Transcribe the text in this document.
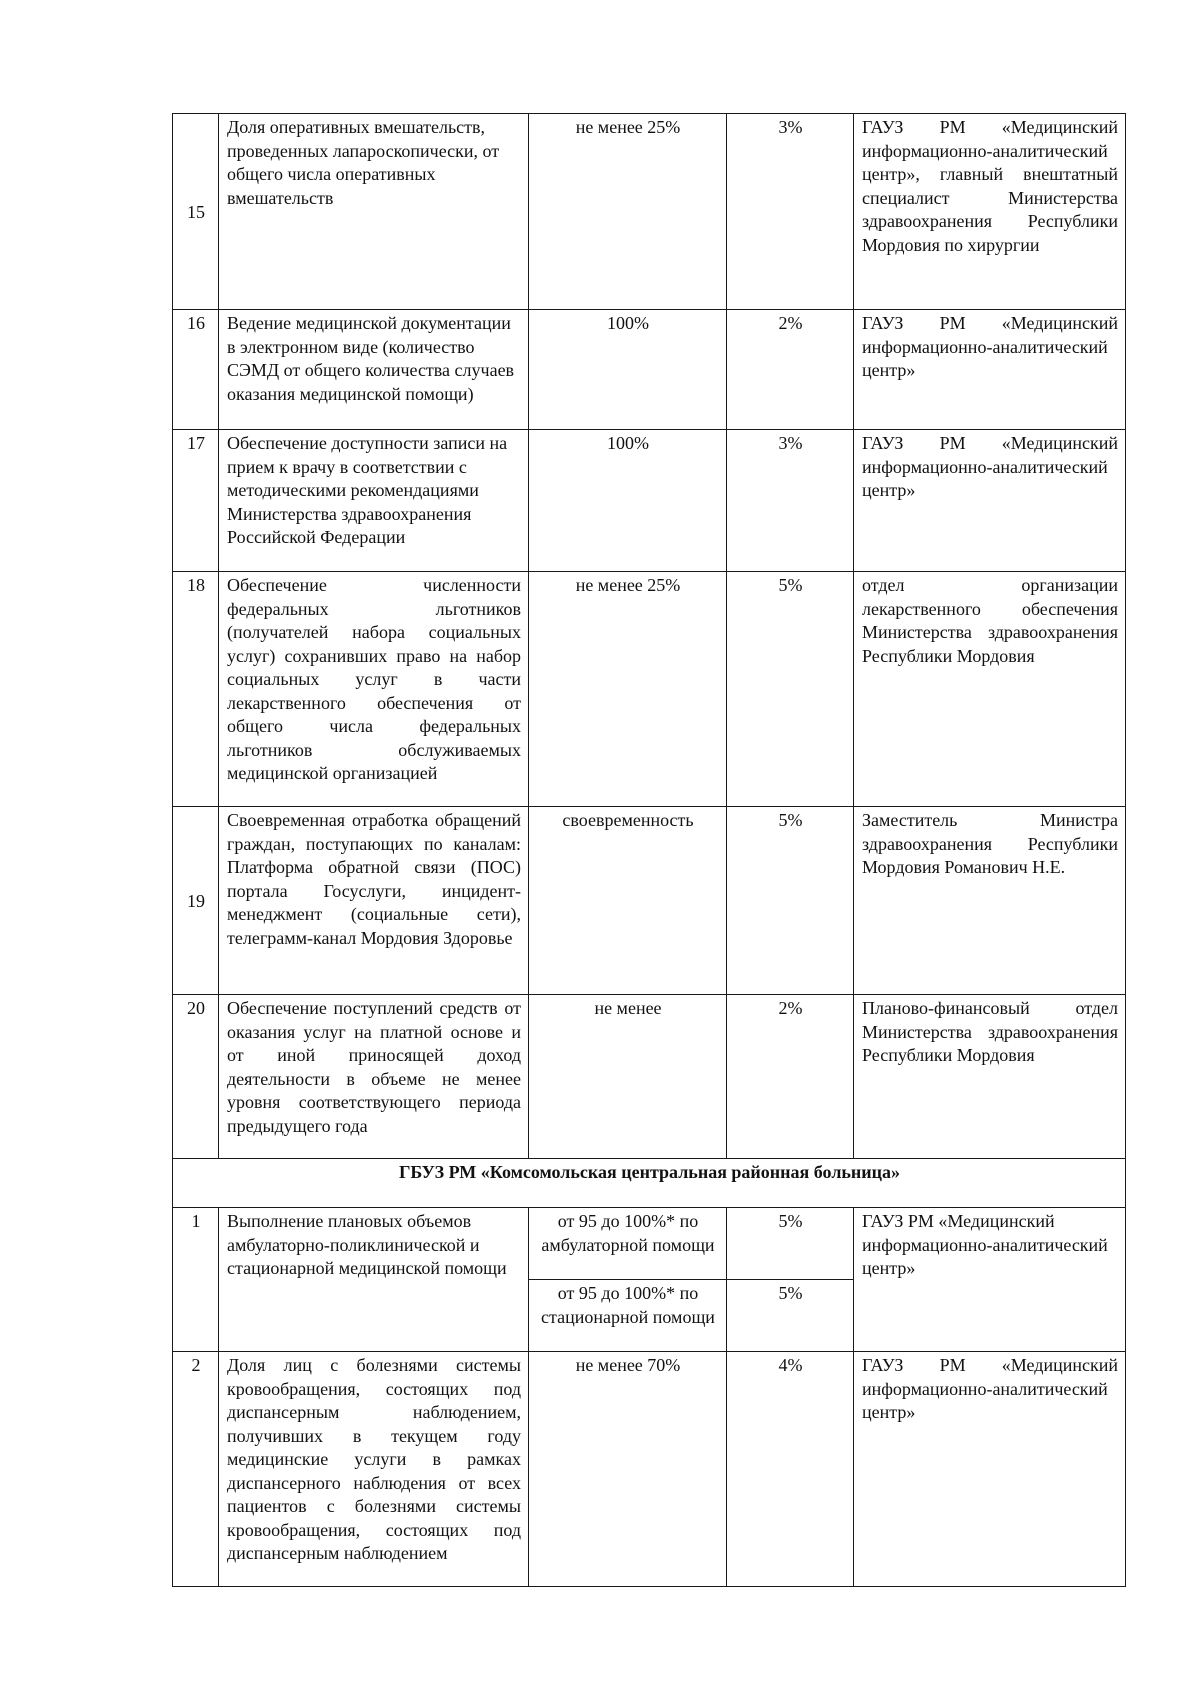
15	Доля оперативных вмешательств, проведенных лапароскопически, от общего числа оперативных вмешательств	не менее 25%	3%	ГАУЗ РМ «Медицинский информационно-аналитический центр», главный внештатный специалист Министерства здравоохранения Республики Мордовия по хирургии
16	Ведение медицинской документации в электронном виде (количество СЭМД от общего количества случаев оказания медицинской помощи)	100%	2%	ГАУЗ РМ «Медицинский информационно-аналитический центр»
17	Обеспечение доступности записи на прием к врачу в соответствии с методическими рекомендациями Министерства здравоохранения Российской Федерации	100%	3%	ГАУЗ РМ «Медицинский информационно-аналитический центр»
18	Обеспечение численности федеральных льготников (получателей набора социальных услуг) сохранивших право на набор социальных услуг в части лекарственного обеспечения от общего числа федеральных льготников обслуживаемых медицинской организацией	не менее 25%	5%	отдел организации лекарственного обеспечения Министерства здравоохранения Республики Мордовия
19	Своевременная отработка обращений граждан, поступающих по каналам: Платформа обратной связи (ПОС) портала Госуслуги, инцидент-менеджмент (социальные сети), телеграмм-канал Мордовия Здоровье	своевременность	5%	Заместитель Министра здравоохранения Республики Мордовия Романович Н.Е.
20	Обеспечение поступлений средств от оказания услуг на платной основе и от иной приносящей доход деятельности в объеме не менее уровня соответствующего периода предыдущего года	не менее	2%	Планово-финансовый отдел Министерства здравоохранения Республики Мордовия
ГБУЗ РМ «Комсомольская центральная районная больница»				
1	Выполнение плановых объемов амбулаторно-поликлинической и стационарной медицинской помощи	от 95 до 100%* по амбулаторной помощи	5%	ГАУЗ РМ «Медицинский информационно-аналитический центр»
		от 95 до 100%* по стационарной помощи	5%	
2	Доля лиц с болезнями системы кровообращения, состоящих под диспансерным наблюдением, получивших в текущем году медицинские услуги в рамках диспансерного наблюдения от всех пациентов с болезнями системы кровообращения, состоящих под диспансерным наблюдением	не менее 70%	4%	ГАУЗ РМ «Медицинский информационно-аналитический центр»
